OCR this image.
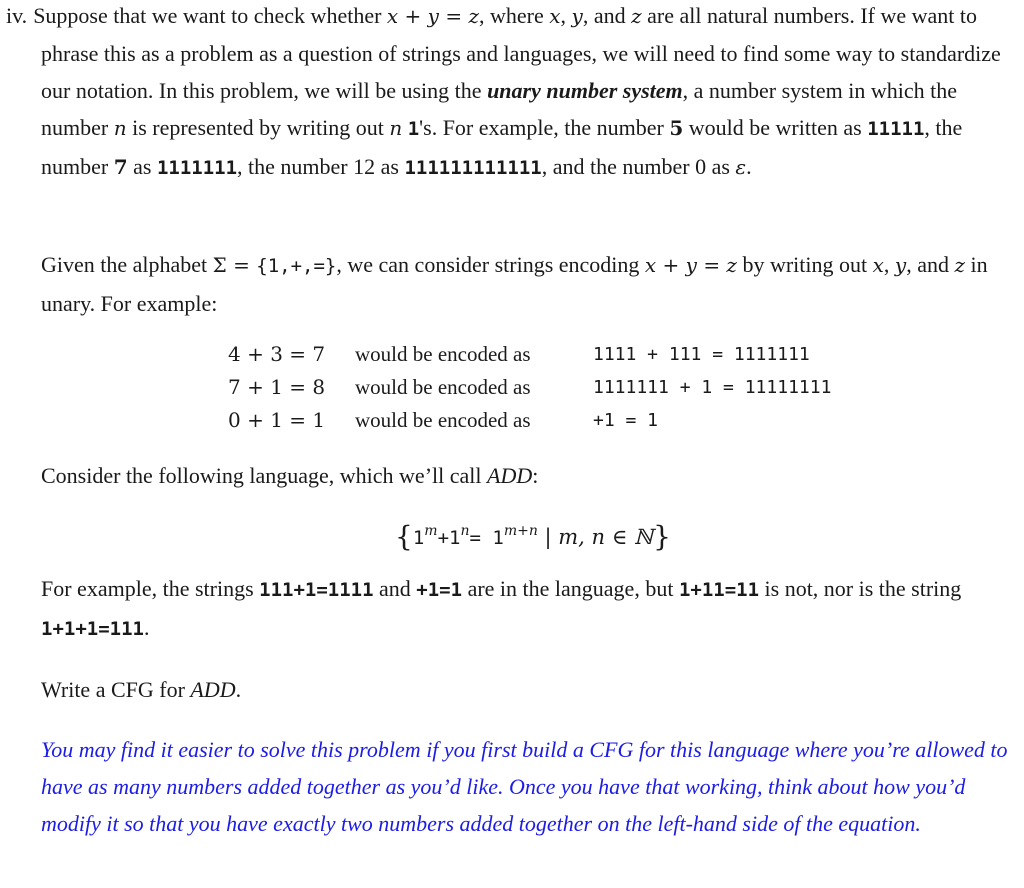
iv. Suppose that we want to check whether x + y = z, where x, y, and z are all natural numbers. If we want to phrase this as a problem as a question of strings and languages, we will need to find some way to standardize our notation. In this problem, we will be using the unary number system, a number system in which the number n is represented by writing out n 1's. For example, the number 5 would be written as 11111, the number 7 as 1111111, the number 12 as 111111111111, and the number 0 as ε.
Given the alphabet Σ = {1,+,=}, we can consider strings encoding x + y = z by writing out x, y, and z in unary. For example:
4 + 3 = 7	would be encoded as	1111 + 111 = 1111111
7 + 1 = 8	would be encoded as	1111111 + 1 = 11111111
0 + 1 = 1	would be encoded as	+1 = 1
Consider the following language, which we’ll call ADD:
{$1^m+1^n= 1^{m+n}$ | m, n ∈ ℕ}
For example, the strings 111+1=1111 and +1=1 are in the language, but 1+11=11 is not, nor is the string 1+1+1=111.
Write a CFG for ADD.
You may find it easier to solve this problem if you first build a CFG for this language where you’re allowed to have as many numbers added together as you’d like. Once you have that working, think about how you’d modify it so that you have exactly two numbers added together on the left-hand side of the equation.
